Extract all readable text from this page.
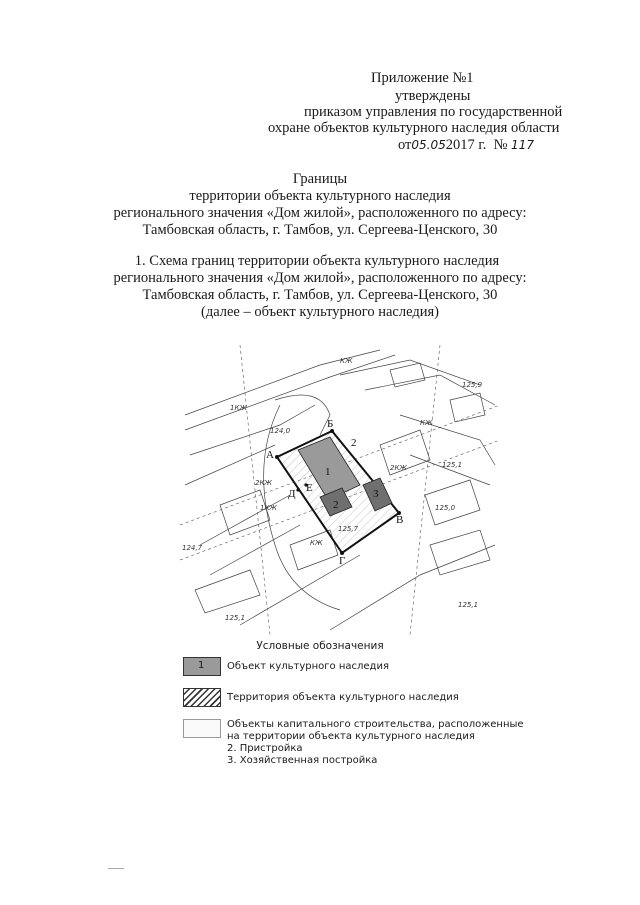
Приложение №1
утверждены
приказом управления по государственной
охране объектов культурного наследия области
от05.052017 г. № 117
Границы
территории объекта культурного наследия
регионального значения «Дом жилой», расположенного по адресу:
Тамбовская область, г. Тамбов, ул. Сергеева-Ценского, 30
1. Схема границ территории объекта культурного наследия
регионального значения «Дом жилой», расположенного по адресу:
Тамбовская область, г. Тамбов, ул. Сергеева-Ценского, 30
(далее – объект культурного наследия)
А
Б
В
Г
Д Е
1
2
3
2
125,9
124,0
125,1
125,0
124,7
125,7
125,1
125,1
КЖ
1КЖ
2КЖ
2КЖ
1КЖ
КЖ
КЖ
Условные обозначения
1 Объект культурного наследия
Территория объекта культурного наследия
Объекты капитального строительства, расположенные
на территории объекта культурного наследия
2. Пристройка
3. Хозяйственная постройка
